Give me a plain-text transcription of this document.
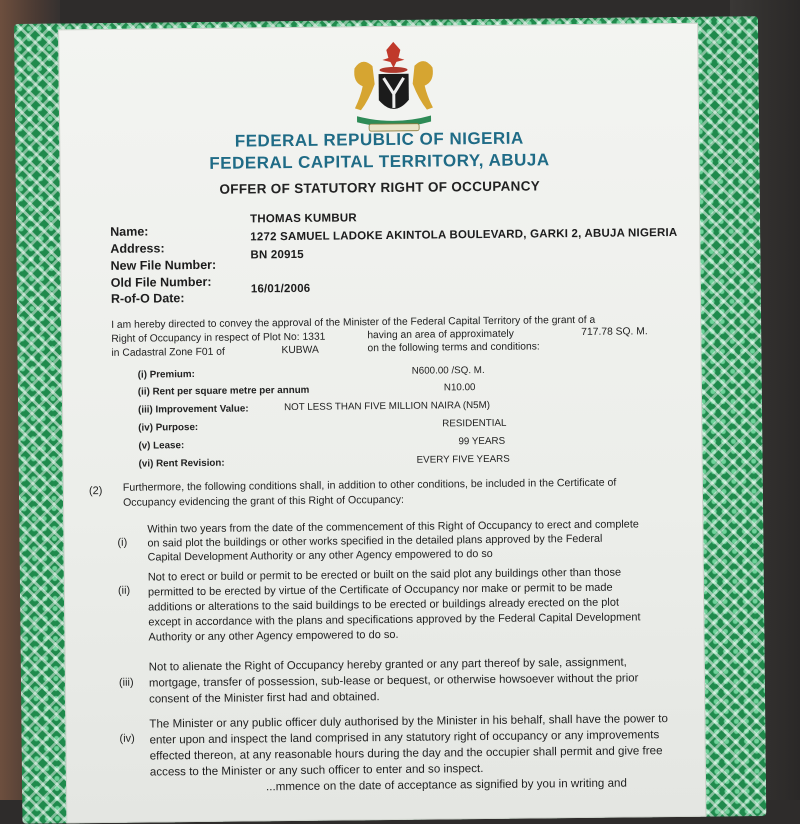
FEDERAL REPUBLIC OF NIGERIA
FEDERAL CAPITAL TERRITORY, ABUJA
OFFER OF STATUTORY RIGHT OF OCCUPANCY
Name:
THOMAS KUMBUR
Address:
1272 SAMUEL LADOKE AKINTOLA BOULEVARD, GARKI 2, ABUJA NIGERIA
New File Number:
BN 20915
Old File Number:
R-of-O Date:
16/01/2006
I am hereby directed to convey the approval of the Minister of the Federal Capital Territory of the grant of a
Right of Occupancy in respect of Plot No: 1331	having an area of approximately	717.78 SQ. M.
in Cadastral Zone F01 of	KUBWA	on the following terms and conditions:
(i) Premium:	N600.00 /SQ. M.
(ii) Rent per square metre per annum	N10.00
(iii) Improvement Value:	NOT LESS THAN FIVE MILLION NAIRA (N5M)
(iv) Purpose:	RESIDENTIAL
(v) Lease:	99 YEARS
(vi) Rent Revision:	EVERY FIVE YEARS
(2) Furthermore, the following conditions shall, in addition to other conditions, be included in the Certificate of
Occupancy evidencing the grant of this Right of Occupancy:
(i)
Within two years from the date of the commencement of this Right of Occupancy to erect and complete
on said plot the buildings or other works specified in the detailed plans approved by the Federal
Capital Development Authority or any other Agency empowered to do so
(ii)
Not to erect or build or permit to be erected or built on the said plot any buildings other than those
permitted to be erected by virtue of the Certificate of Occupancy nor make or permit to be made
additions or alterations to the said buildings to be erected or buildings already erected on the plot
except in accordance with the plans and specifications approved by the Federal Capital Development
Authority or any other Agency empowered to do so.
(iii)
Not to alienate the Right of Occupancy hereby granted or any part thereof by sale, assignment,
mortgage, transfer of possession, sub-lease or bequest, or otherwise howsoever without the prior
consent of the Minister first had and obtained.
(iv)
The Minister or any public officer duly authorised by the Minister in his behalf, shall have the power to
enter upon and inspect the land comprised in any statutory right of occupancy or any improvements
effected thereon, at any reasonable hours during the day and the occupier shall permit and give free
access to the Minister or any such officer to enter and so inspect.
...mmence on the date of acceptance as signified by you in writing and
